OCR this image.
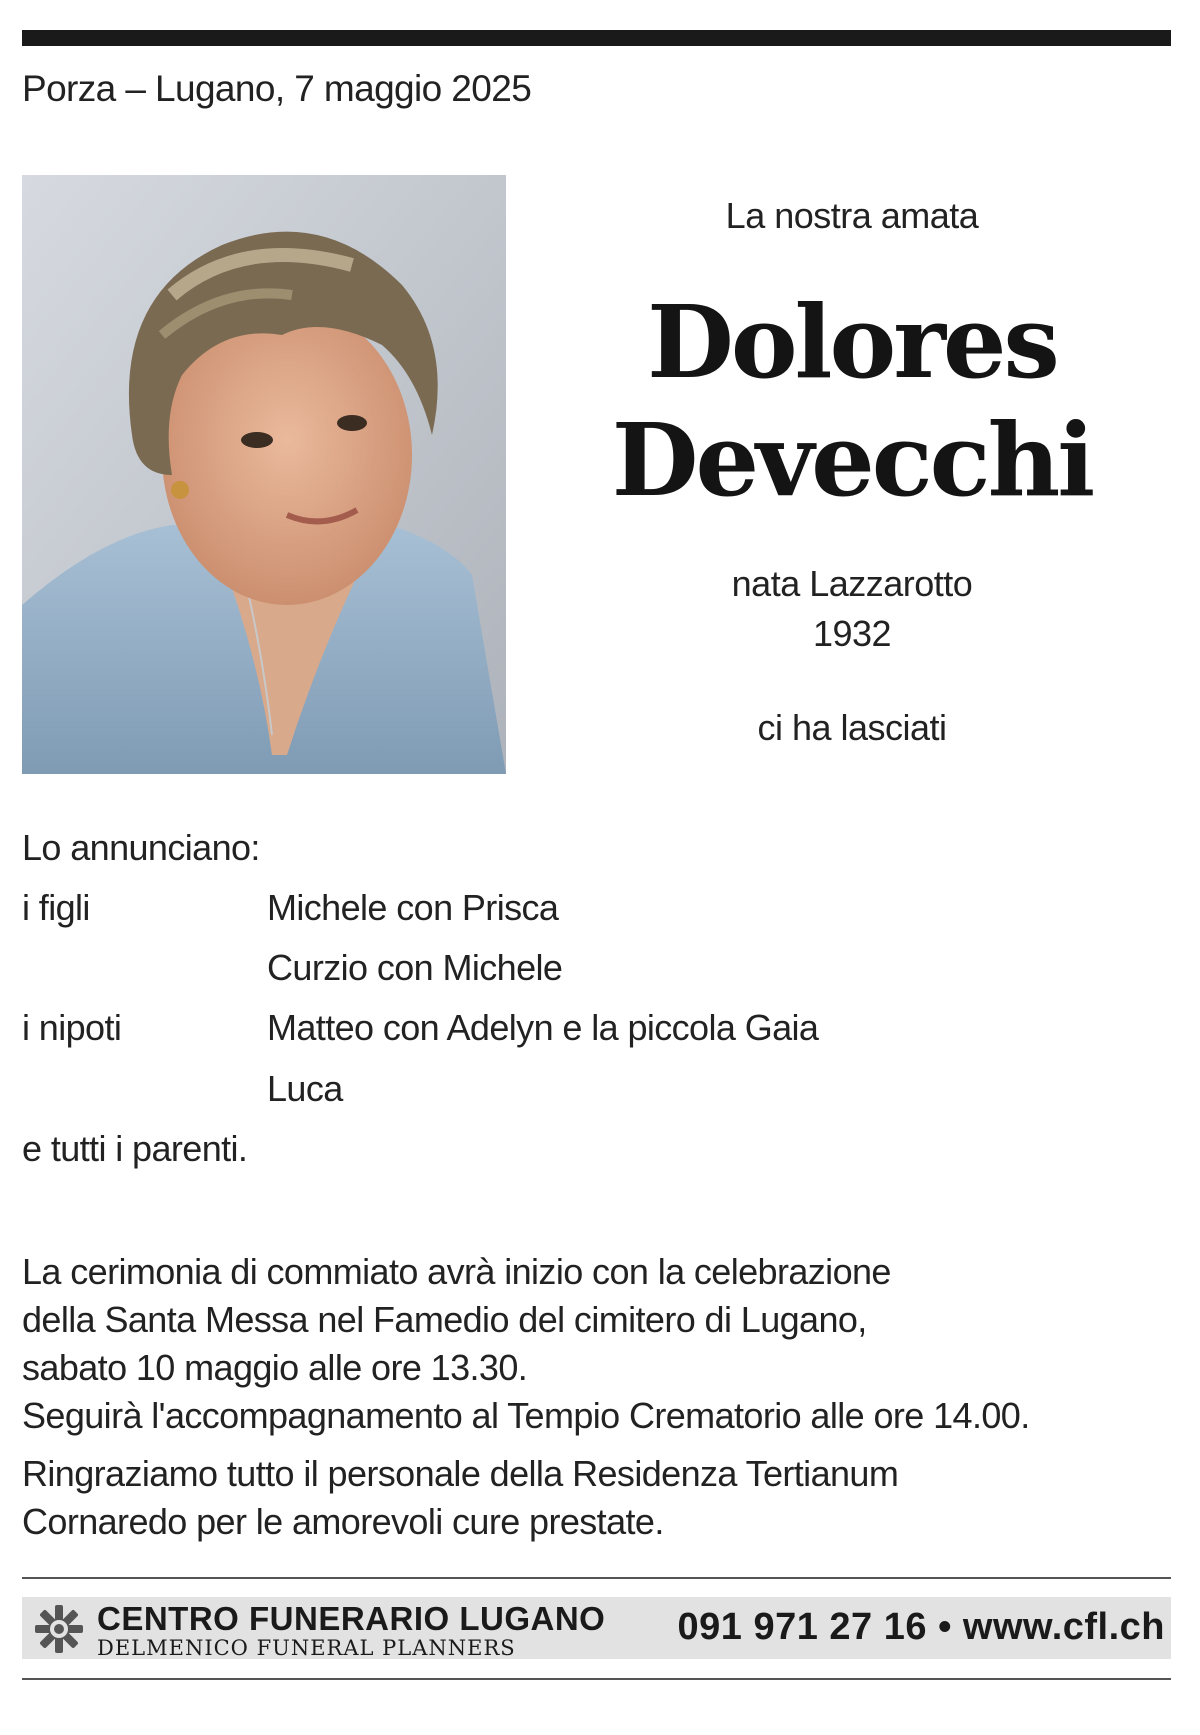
Porza – Lugano, 7 maggio 2025
La nostra amata
Dolores
Devecchi
nata Lazzarotto
1932
ci ha lasciati
Lo annunciano:
i figli	Michele con Prisca
Curzio con Michele
i nipoti	Matteo con Adelyn e la piccola Gaia
Luca
e tutti i parenti.
La cerimonia di commiato avrà inizio con la celebrazione
della Santa Messa nel Famedio del cimitero di Lugano,
sabato 10 maggio alle ore 13.30.
Seguirà l'accompagnamento al Tempio Crematorio alle ore 14.00.
Ringraziamo tutto il personale della Residenza Tertianum
Cornaredo per le amorevoli cure prestate.
CENTRO FUNERARIO LUGANO
DELMENICO FUNERAL PLANNERS	091 971 27 16 • www.cfl.ch
